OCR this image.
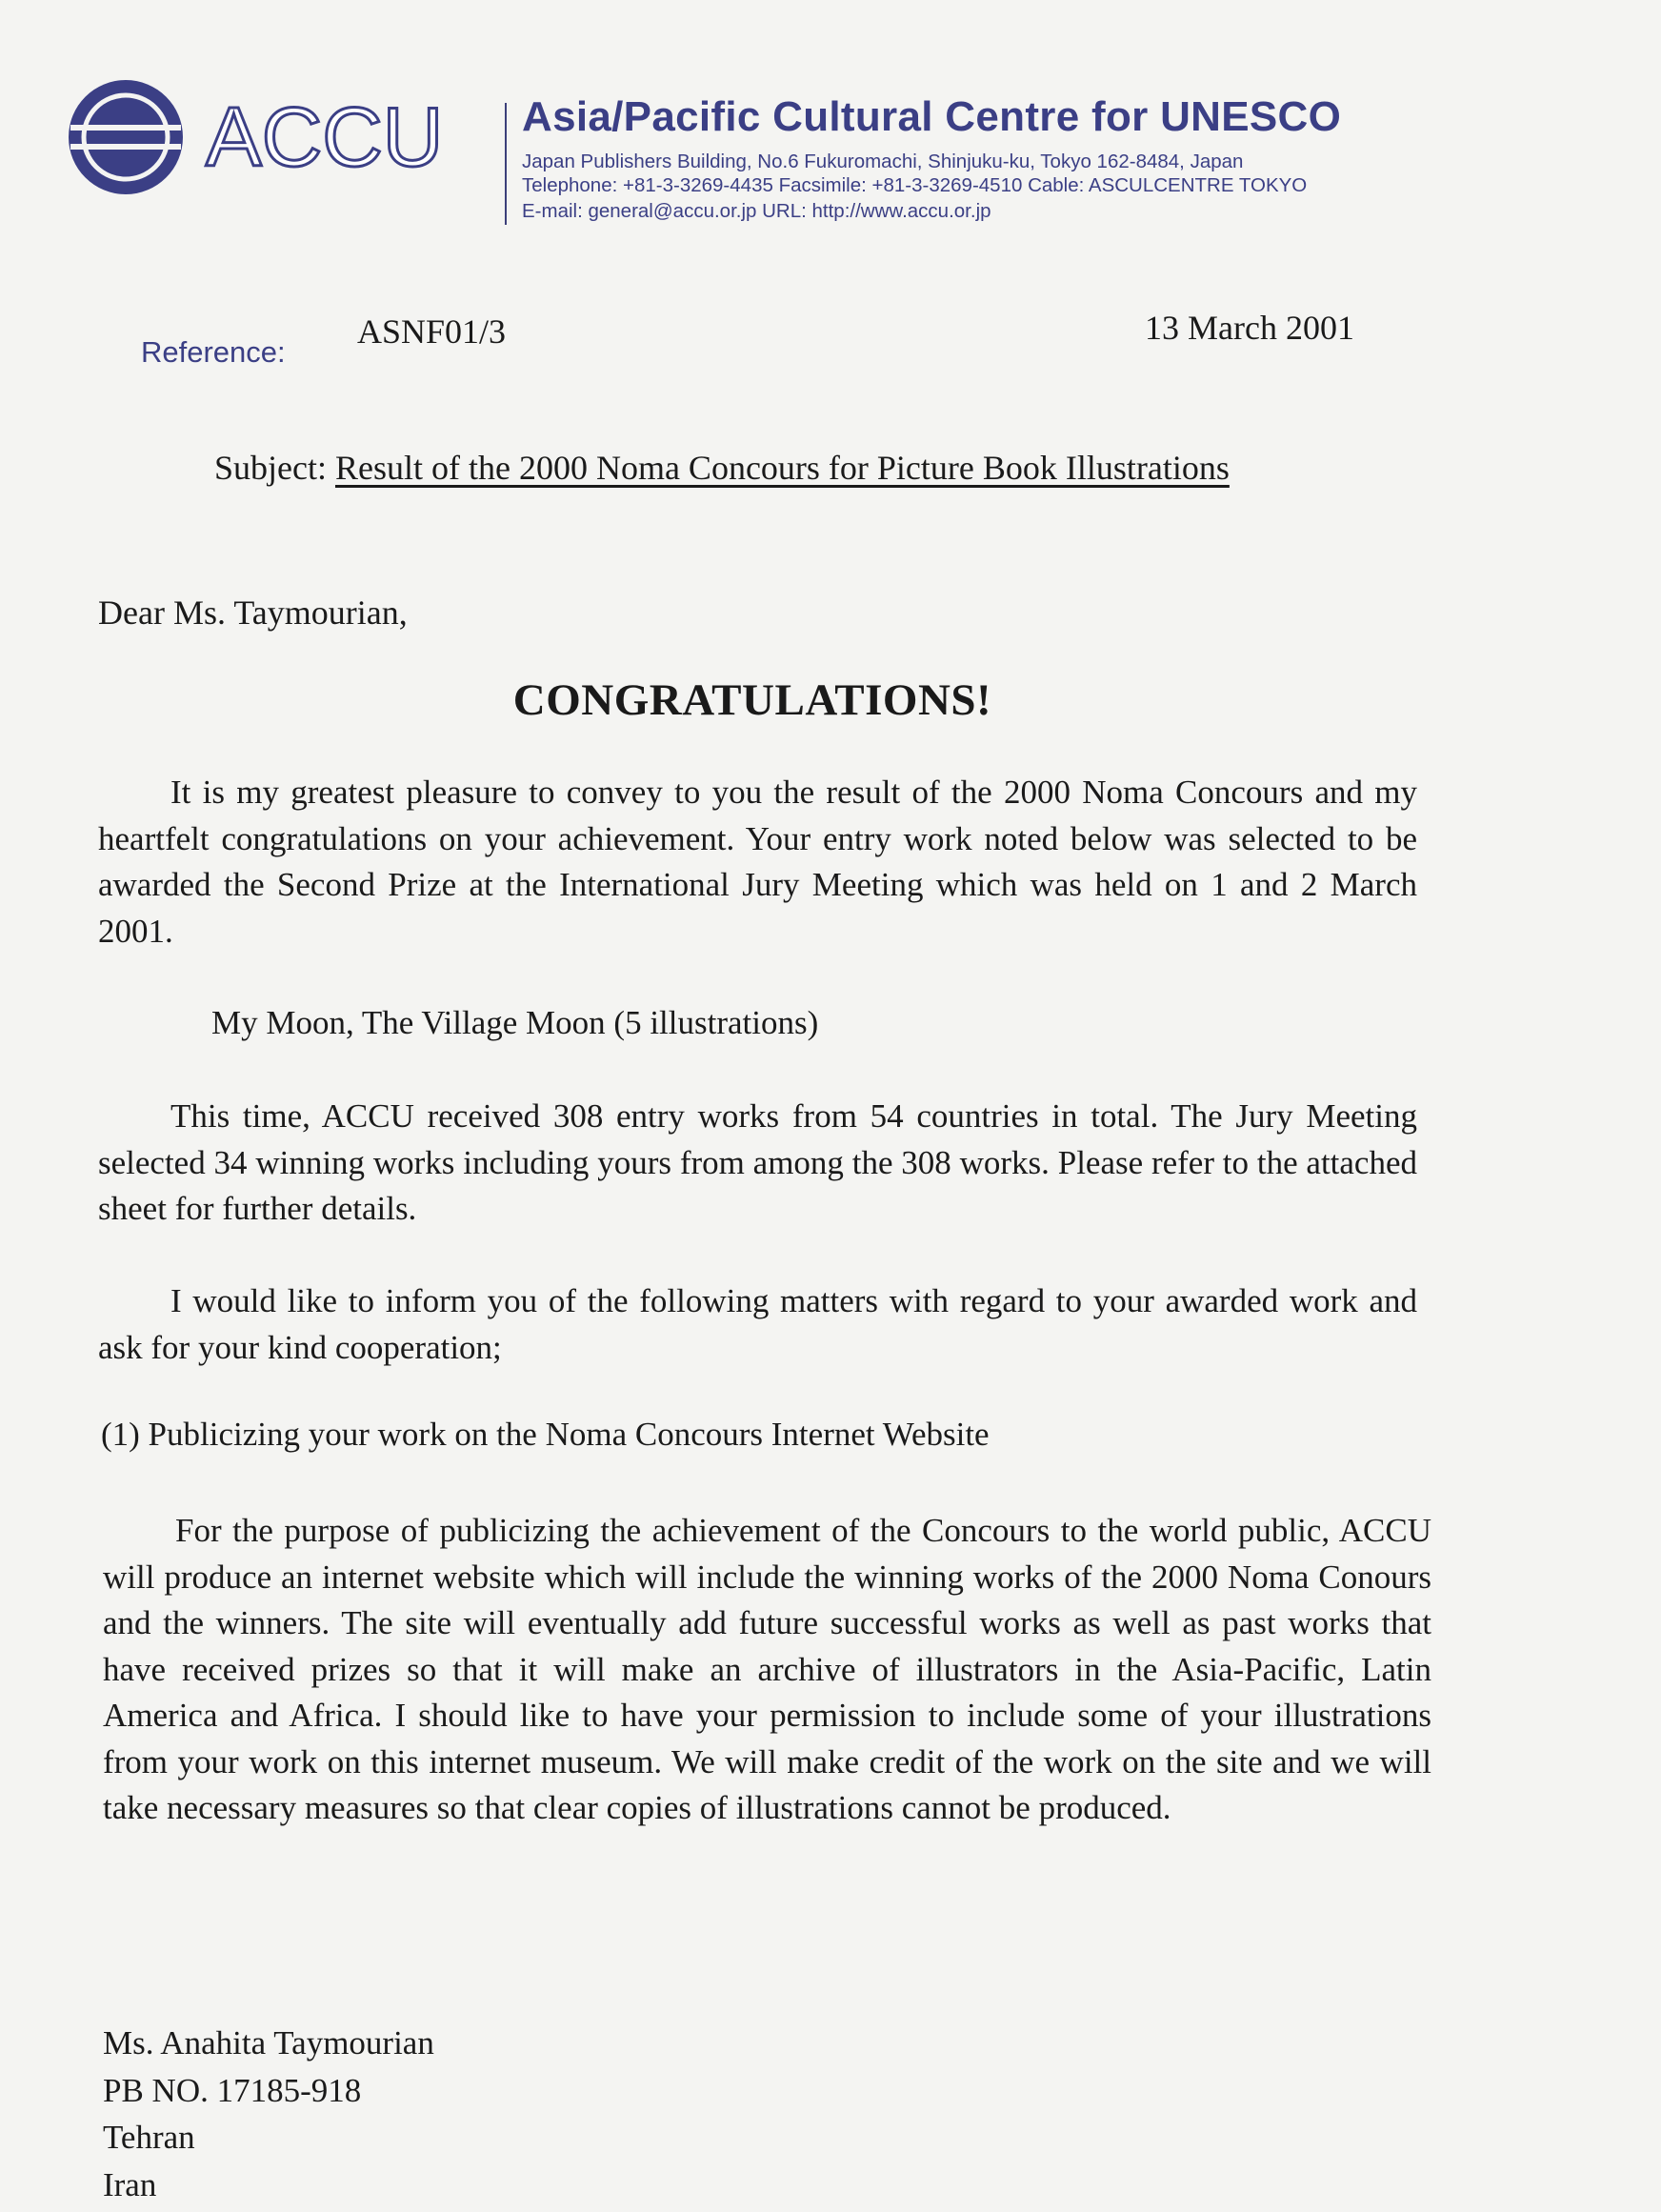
ACCU Asia/Pacific Cultural Centre for UNESCO

Japan Publishers Building, No.6 Fukuromachi, Shinjuku-ku, Tokyo 162-8484, Japan

Telephone: +81-3-3269-4435 Facsimile: +81-3-3269-4510 Cable: ASCULCENTRE TOKYO

E-mail: general@accu.or.jp URL: http://www.accu.or.jp

Reference:
ASNF01/3	13 March 2001
Subject: Result of the 2000 Noma Concours for Picture Book Illustrations
Dear Ms. Taymourian,
CONGRATULATIONS!

It is my greatest pleasure to convey to you the result of the 2000 Noma Concours and my heartfelt congratulations on your achievement. Your entry work noted below was selected to be awarded the Second Prize at the International Jury Meeting which was held on 1 and 2 March 2001.

My Moon, The Village Moon (5 illustrations)

This time, ACCU received 308 entry works from 54 countries in total. The Jury Meeting selected 34 winning works including yours from among the 308 works. Please refer to the attached sheet for further details.

I would like to inform you of the following matters with regard to your awarded work and ask for your kind cooperation;

(1) Publicizing your work on the Noma Concours Internet Website

For the purpose of publicizing the achievement of the Concours to the world public, ACCU will produce an internet website which will include the winning works of the 2000 Noma Conours and the winners. The site will eventually add future successful works as well as past works that have received prizes so that it will make an archive of illustrators in the Asia-Pacific, Latin America and Africa. I should like to have your permission to include some of your illustrations from your work on this internet museum. We will make credit of the work on the site and we will take necessary measures so that clear copies of illustrations cannot be produced.

Ms. Anahita Taymourian
PB NO. 17185-918
Tehran
Iran
